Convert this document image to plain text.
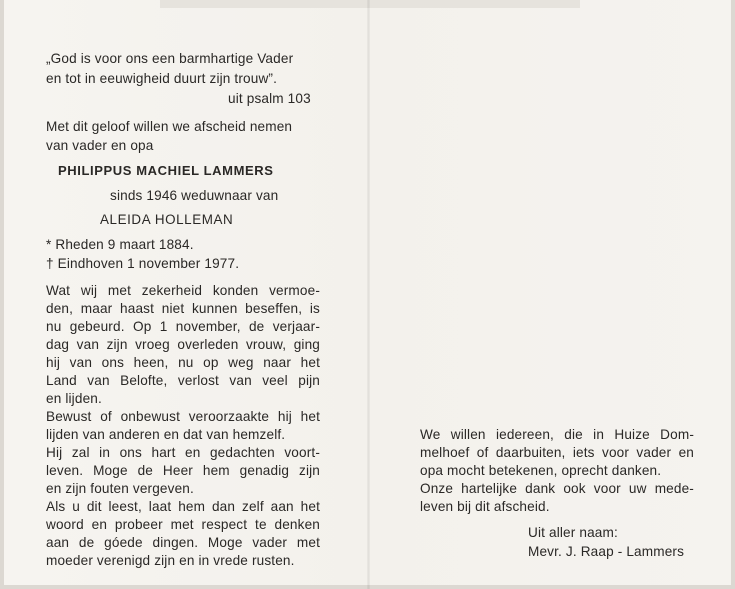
„God is voor ons een barmhartige Vader
en tot in eeuwigheid duurt zijn trouw”.
uit psalm 103
Met dit geloof willen we afscheid nemen
van vader en opa
PHILIPPUS MACHIEL LAMMERS
sinds 1946 weduwnaar van
ALEIDA HOLLEMAN
* Rheden 9 maart 1884.
† Eindhoven 1 november 1977.
Wat wij met zekerheid konden vermoe-
den, maar haast niet kunnen beseffen, is
nu gebeurd. Op 1 november, de verjaar-
dag van zijn vroeg overleden vrouw, ging
hij van ons heen, nu op weg naar het
Land van Belofte, verlost van veel pijn
en lijden.
Bewust of onbewust veroorzaakte hij het
lijden van anderen en dat van hemzelf.
Hij zal in ons hart en gedachten voort-
leven. Moge de Heer hem genadig zijn
en zijn fouten vergeven.
Als u dit leest, laat hem dan zelf aan het
woord en probeer met respect te denken
aan de góede dingen. Moge vader met
moeder verenigd zijn en in vrede rusten.
We willen iedereen, die in Huize Dom-
melhoef of daarbuiten, iets voor vader en
opa mocht betekenen, oprecht danken.
Onze hartelijke dank ook voor uw mede-
leven bij dit afscheid.
Uit aller naam:
Mevr. J. Raap - Lammers
